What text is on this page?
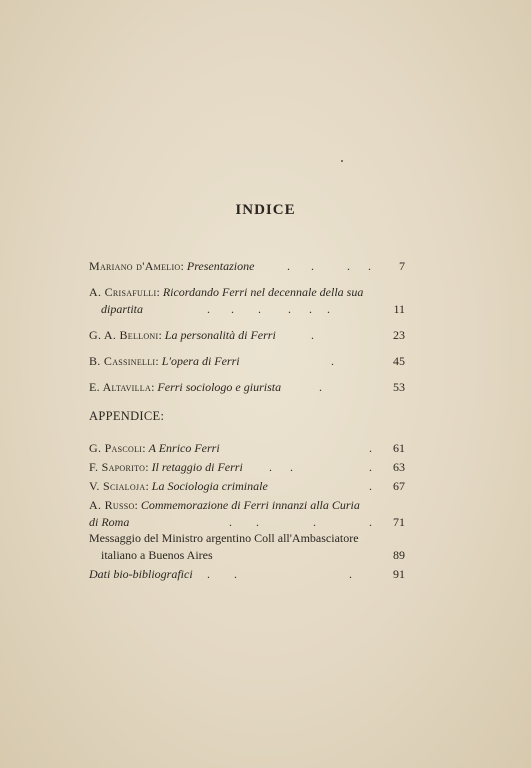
INDICE
Mariano d'Amelio: Presentazione	.       .           .      . 7
A. Crisafulli: Ricordando Ferri nel decennale della sua
dipartita	.       .        .         .      .     .	11
G. A. Belloni: La personalità di Ferri	.	23
B. Cassinelli: L'opera di Ferri	.	45
E. Altavilla: Ferri sociologo e giurista	.	53
APPENDICE:
G. Pascoli: A Enrico Ferri	. 61
F. Saporito: Il retaggio di Ferri .      .	. 63
V. Scialoja: La Sociologia criminale	. 67
A. Russo: Commemorazione di Ferri innanzi alla Curia
di Roma	.        .                  .	. 71
Messaggio del Ministro argentino Coll all'Ambasciatore
italiano a Buenos Aires	89
Dati bio-bibliografici .        .	.	91
